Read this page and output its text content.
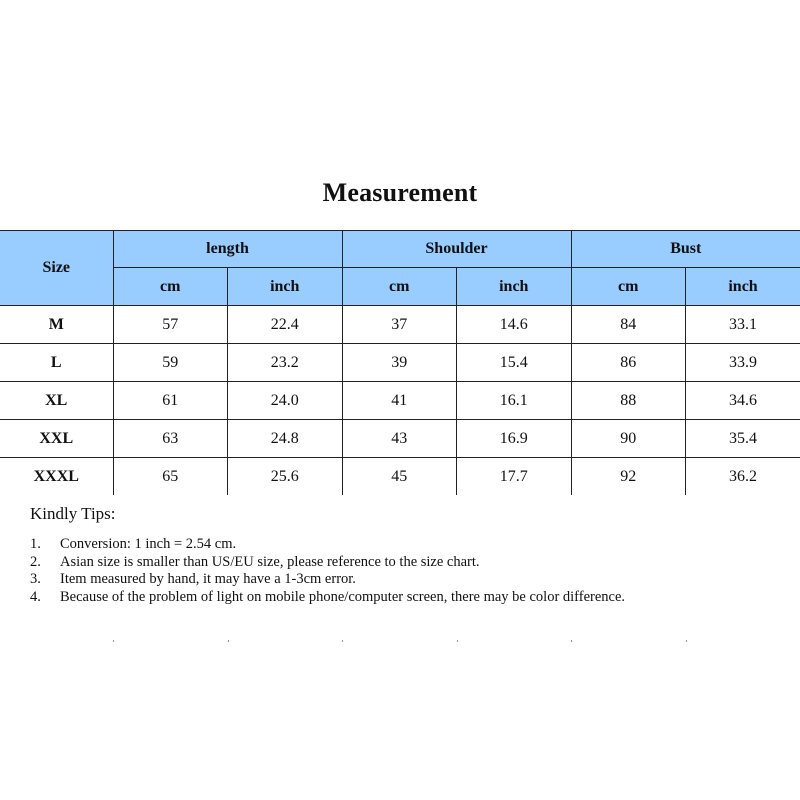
Measurement
Size	length		Shoulder		Bust	
	cm	inch	cm	inch	cm	inch
M	57	22.4	37	14.6	84	33.1
L	59	23.2	39	15.4	86	33.9
XL	61	24.0	41	16.1	88	34.6
XXL	63	24.8	43	16.9	90	35.4
XXXL	65	25.6	45	17.7	92	36.2
Kindly Tips:
1. Conversion: 1 inch = 2.54 cm.
2. Asian size is smaller than US/EU size, please reference to the size chart.
3. Item measured by hand, it may have a 1-3cm error.
4. Because of the problem of light on mobile phone/computer screen, there may be color difference.
